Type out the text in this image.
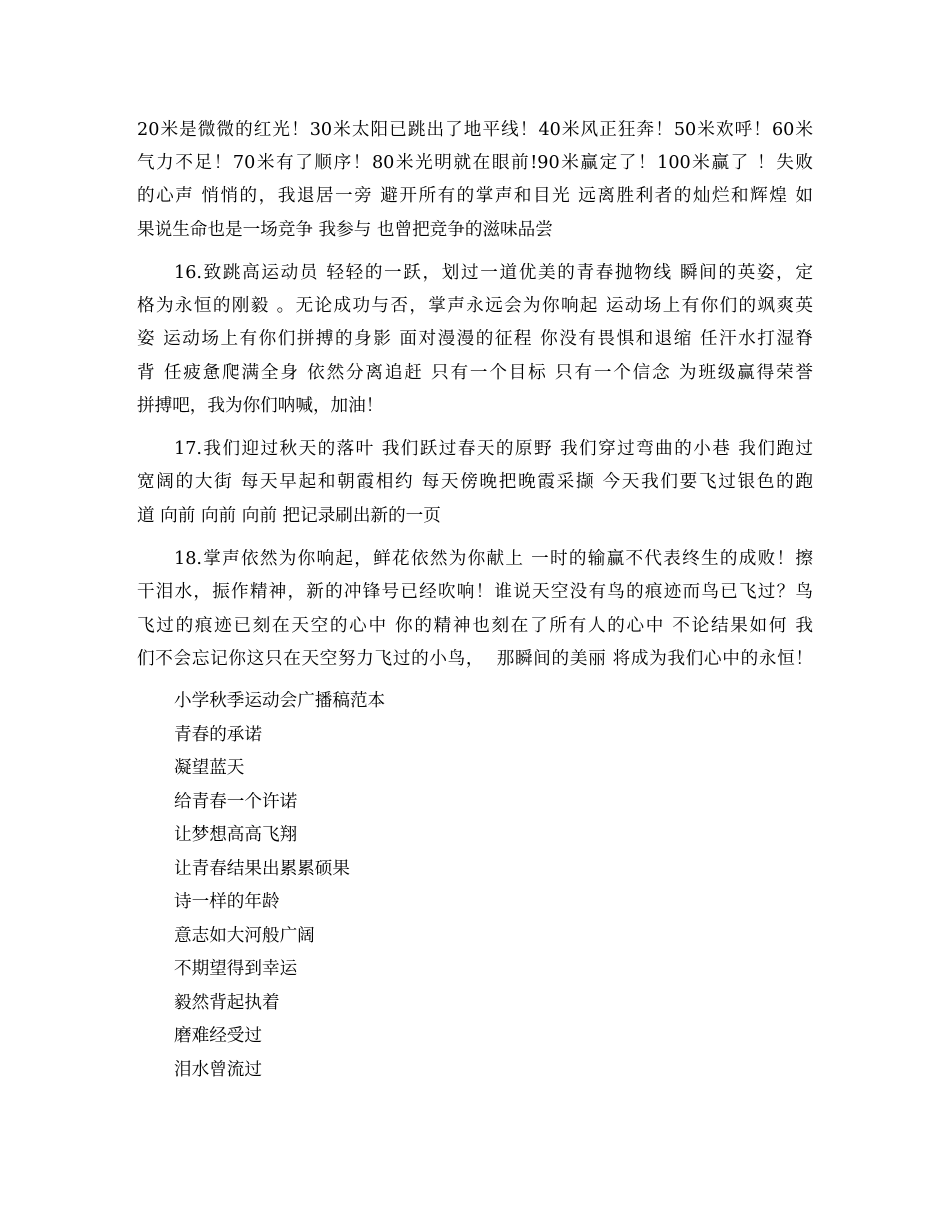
20米是微微的红光！30米太阳已跳出了地平线！40米风正狂奔！50米欢呼！60米
气力不足！70米有了顺序！80米光明就在眼前!90米赢定了！100米赢了 ！失败
的心声 悄悄的，我退居一旁 避开所有的掌声和目光 远离胜利者的灿烂和辉煌 如
果说生命也是一场竞争 我参与 也曾把竞争的滋味品尝
16.致跳高运动员 轻轻的一跃，划过一道优美的青春抛物线 瞬间的英姿，定
格为永恒的刚毅 。无论成功与否，掌声永远会为你响起 运动场上有你们的飒爽英
姿 运动场上有你们拼搏的身影 面对漫漫的征程 你没有畏惧和退缩 任汗水打湿脊
背 任疲惫爬满全身 依然分离追赶 只有一个目标 只有一个信念 为班级赢得荣誉
拼搏吧，我为你们呐喊，加油！
17.我们迎过秋天的落叶 我们跃过春天的原野 我们穿过弯曲的小巷 我们跑过
宽阔的大街 每天早起和朝霞相约 每天傍晚把晚霞采撷 今天我们要飞过银色的跑
道 向前 向前 向前 把记录刷出新的一页
18.掌声依然为你响起，鲜花依然为你献上 一时的输赢不代表终生的成败！擦
干泪水，振作精神，新的冲锋号已经吹响！谁说天空没有鸟的痕迹而鸟已飞过？鸟
飞过的痕迹已刻在天空的心中 你的精神也刻在了所有人的心中 不论结果如何 我
们不会忘记你这只在天空努力飞过的小鸟，  那瞬间的美丽 将成为我们心中的永恒！
小学秋季运动会广播稿范本
青春的承诺
凝望蓝天
给青春一个许诺
让梦想高高飞翔
让青春结果出累累硕果
诗一样的年龄
意志如大河般广阔
不期望得到幸运
毅然背起执着
磨难经受过
泪水曾流过
